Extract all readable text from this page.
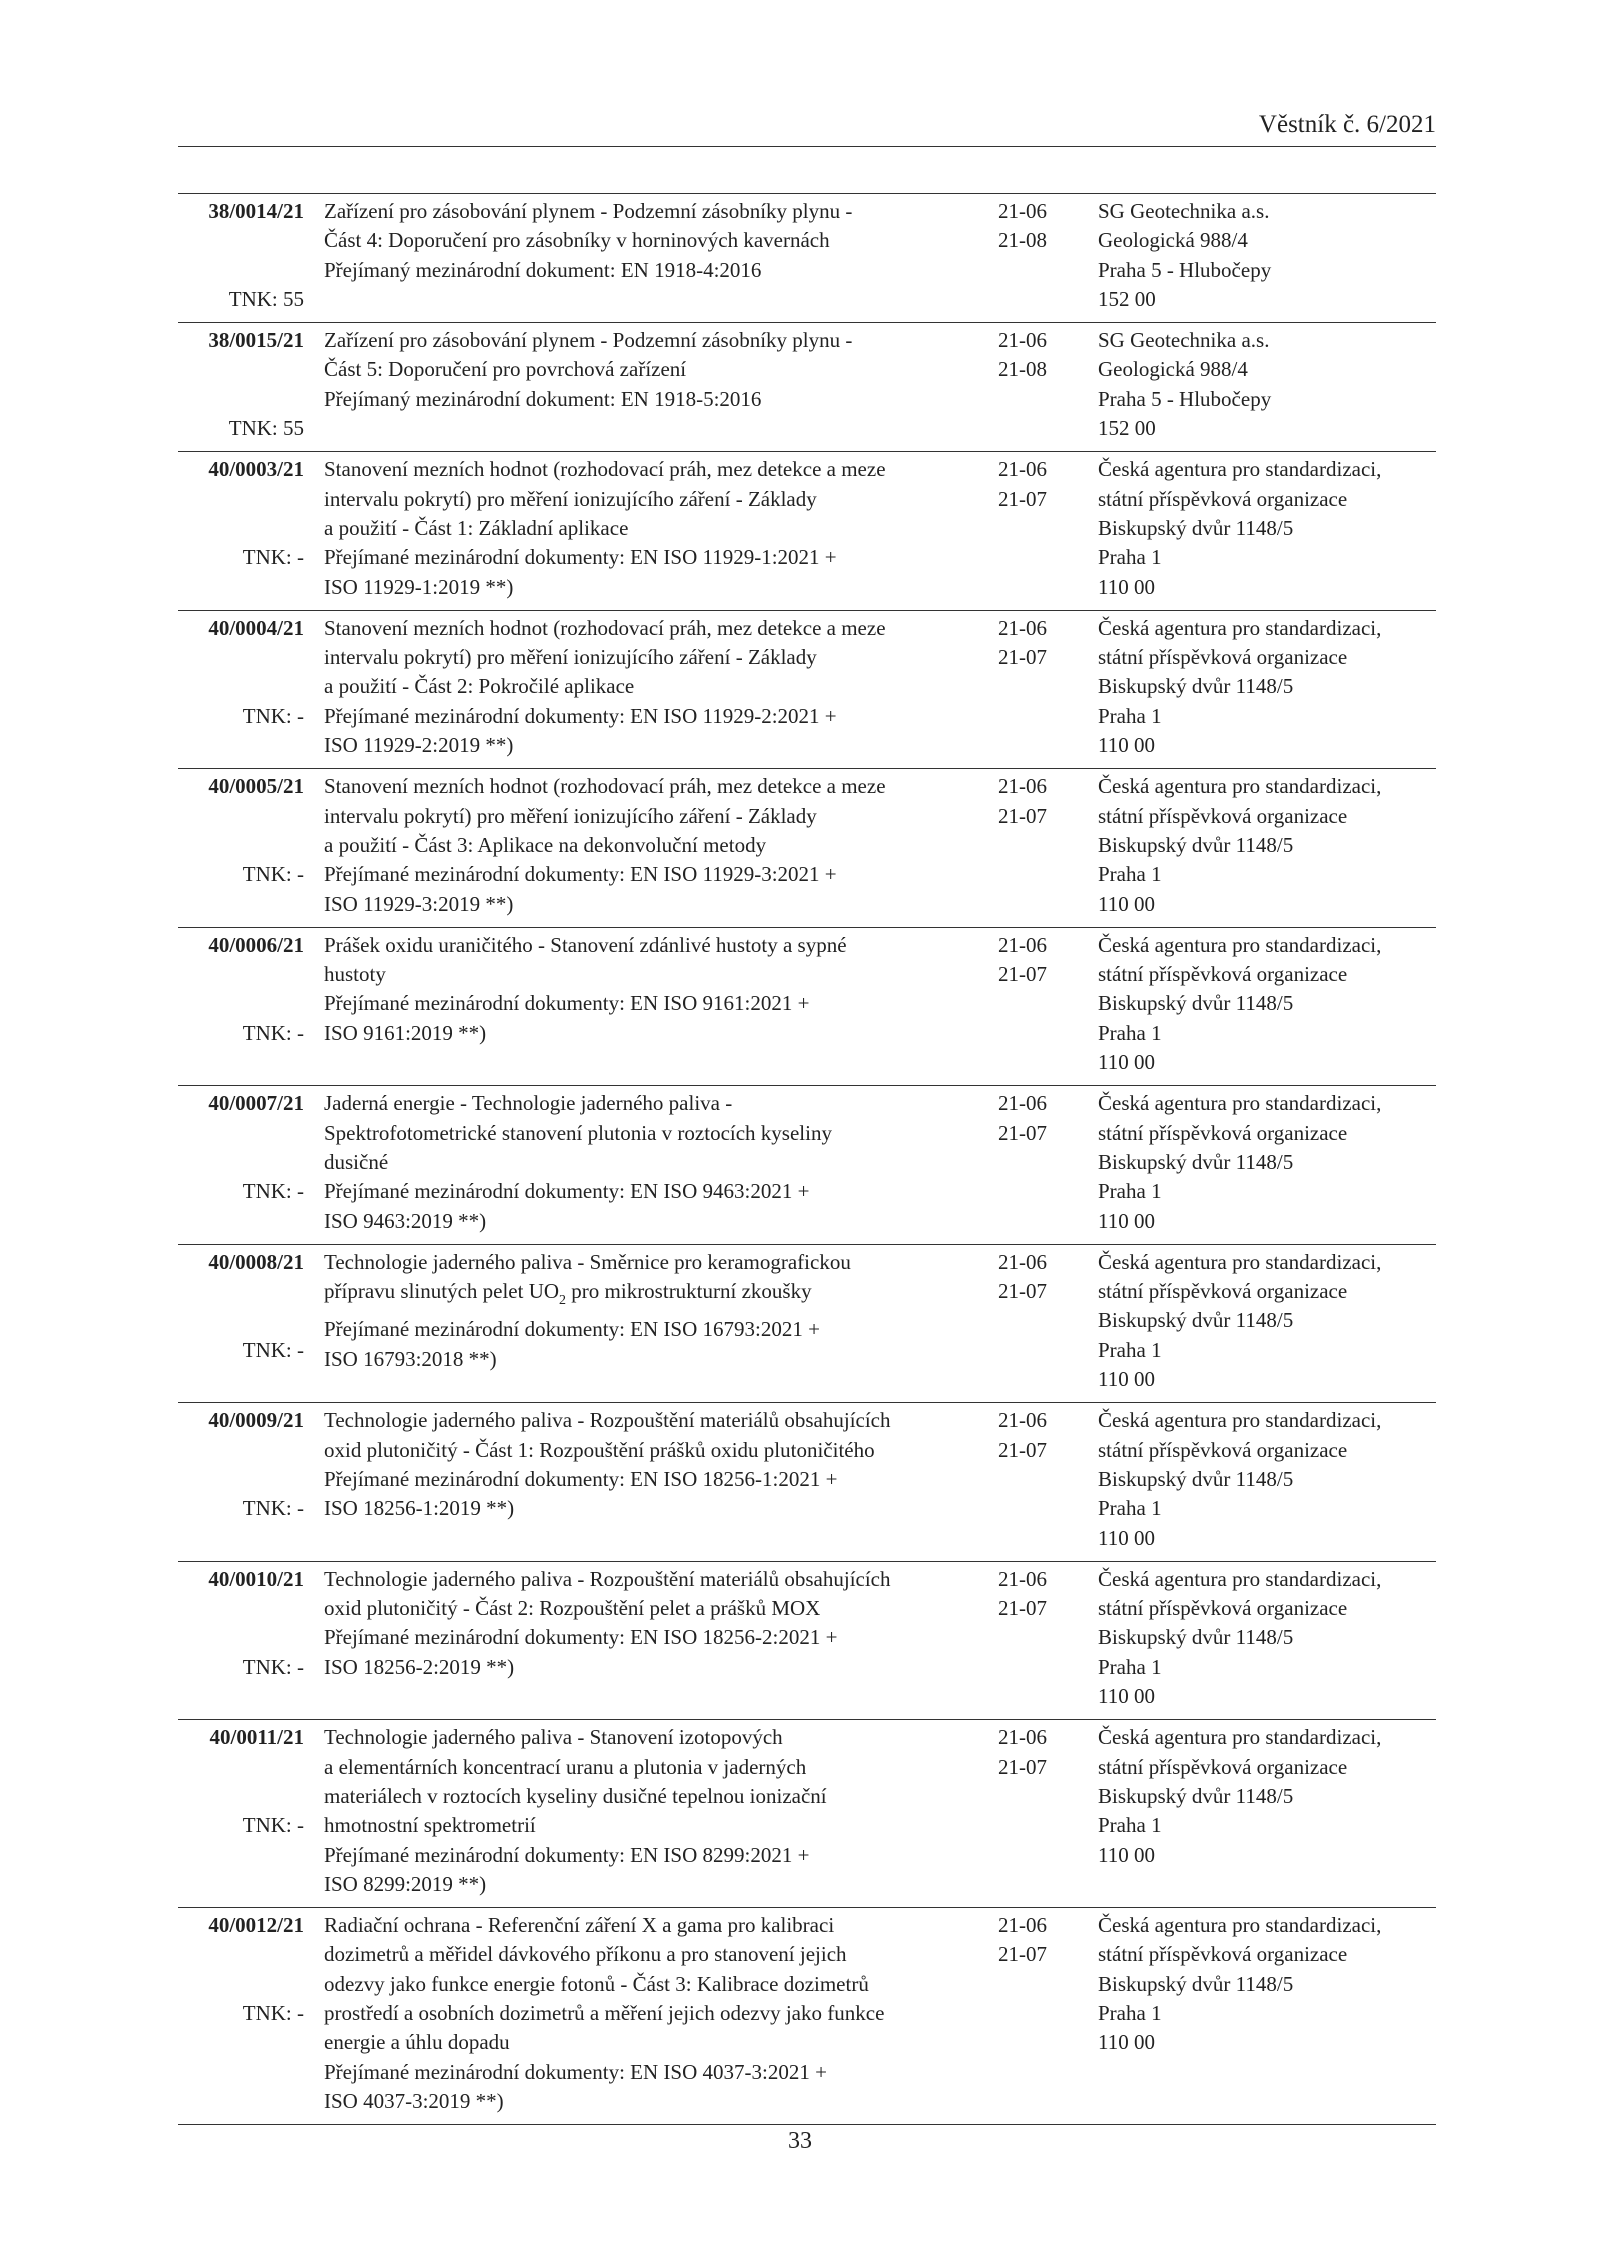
Věstník č. 6/2021
38/0014/21
TNK: 55
Zařízení pro zásobování plynem - Podzemní zásobníky plynu -
Část 4: Doporučení pro zásobníky v horninových kavernách
Přejímaný mezinárodní dokument: EN 1918-4:2016
21-06
21-08
SG Geotechnika a.s.
Geologická 988/4
Praha 5 - Hlubočepy
152 00
38/0015/21
TNK: 55
Zařízení pro zásobování plynem - Podzemní zásobníky plynu -
Část 5: Doporučení pro povrchová zařízení
Přejímaný mezinárodní dokument: EN 1918-5:2016
21-06
21-08
SG Geotechnika a.s.
Geologická 988/4
Praha 5 - Hlubočepy
152 00
40/0003/21
TNK: -
Stanovení mezních hodnot (rozhodovací práh, mez detekce a meze
intervalu pokrytí) pro měření ionizujícího záření - Základy
a použití - Část 1: Základní aplikace
Přejímané mezinárodní dokumenty: EN ISO 11929-1:2021 +
ISO 11929-1:2019 **)
21-06
21-07
Česká agentura pro standardizaci,
státní příspěvková organizace
Biskupský dvůr 1148/5
Praha 1
110 00
40/0004/21
TNK: -
Stanovení mezních hodnot (rozhodovací práh, mez detekce a meze
intervalu pokrytí) pro měření ionizujícího záření - Základy
a použití - Část 2: Pokročilé aplikace
Přejímané mezinárodní dokumenty: EN ISO 11929-2:2021 +
ISO 11929-2:2019 **)
21-06
21-07
Česká agentura pro standardizaci,
státní příspěvková organizace
Biskupský dvůr 1148/5
Praha 1
110 00
40/0005/21
TNK: -
Stanovení mezních hodnot (rozhodovací práh, mez detekce a meze
intervalu pokrytí) pro měření ionizujícího záření - Základy
a použití - Část 3: Aplikace na dekonvoluční metody
Přejímané mezinárodní dokumenty: EN ISO 11929-3:2021 +
ISO 11929-3:2019 **)
21-06
21-07
Česká agentura pro standardizaci,
státní příspěvková organizace
Biskupský dvůr 1148/5
Praha 1
110 00
40/0006/21
TNK: -
Prášek oxidu uraničitého - Stanovení zdánlivé hustoty a sypné
hustoty
Přejímané mezinárodní dokumenty: EN ISO 9161:2021 +
ISO 9161:2019 **)
21-06
21-07
Česká agentura pro standardizaci,
státní příspěvková organizace
Biskupský dvůr 1148/5
Praha 1
110 00
40/0007/21
TNK: -
Jaderná energie - Technologie jaderného paliva -
Spektrofotometrické stanovení plutonia v roztocích kyseliny
dusičné
Přejímané mezinárodní dokumenty: EN ISO 9463:2021 +
ISO 9463:2019 **)
21-06
21-07
Česká agentura pro standardizaci,
státní příspěvková organizace
Biskupský dvůr 1148/5
Praha 1
110 00
40/0008/21
TNK: -
Technologie jaderného paliva - Směrnice pro keramografickou
přípravu slinutých pelet $UO_2$ pro mikrostrukturní zkoušky
Přejímané mezinárodní dokumenty: EN ISO 16793:2021 +
ISO 16793:2018 **)
21-06
21-07
Česká agentura pro standardizaci,
státní příspěvková organizace
Biskupský dvůr 1148/5
Praha 1
110 00
40/0009/21
TNK: -
Technologie jaderného paliva - Rozpouštění materiálů obsahujících
oxid plutoničitý - Část 1: Rozpouštění prášků oxidu plutoničitého
Přejímané mezinárodní dokumenty: EN ISO 18256-1:2021 +
ISO 18256-1:2019 **)
21-06
21-07
Česká agentura pro standardizaci,
státní příspěvková organizace
Biskupský dvůr 1148/5
Praha 1
110 00
40/0010/21
TNK: -
Technologie jaderného paliva - Rozpouštění materiálů obsahujících
oxid plutoničitý - Část 2: Rozpouštění pelet a prášků MOX
Přejímané mezinárodní dokumenty: EN ISO 18256-2:2021 +
ISO 18256-2:2019 **)
21-06
21-07
Česká agentura pro standardizaci,
státní příspěvková organizace
Biskupský dvůr 1148/5
Praha 1
110 00
40/0011/21
TNK: -
Technologie jaderného paliva - Stanovení izotopových
a elementárních koncentrací uranu a plutonia v jaderných
materiálech v roztocích kyseliny dusičné tepelnou ionizační
hmotnostní spektrometrií
Přejímané mezinárodní dokumenty: EN ISO 8299:2021 +
ISO 8299:2019 **)
21-06
21-07
Česká agentura pro standardizaci,
státní příspěvková organizace
Biskupský dvůr 1148/5
Praha 1
110 00
40/0012/21
TNK: -
Radiační ochrana - Referenční záření X a gama pro kalibraci
dozimetrů a měřidel dávkového příkonu a pro stanovení jejich
odezvy jako funkce energie fotonů - Část 3: Kalibrace dozimetrů
prostředí a osobních dozimetrů a měření jejich odezvy jako funkce
energie a úhlu dopadu
Přejímané mezinárodní dokumenty: EN ISO 4037-3:2021 +
ISO 4037-3:2019 **)
21-06
21-07
Česká agentura pro standardizaci,
státní příspěvková organizace
Biskupský dvůr 1148/5
Praha 1
110 00
33
